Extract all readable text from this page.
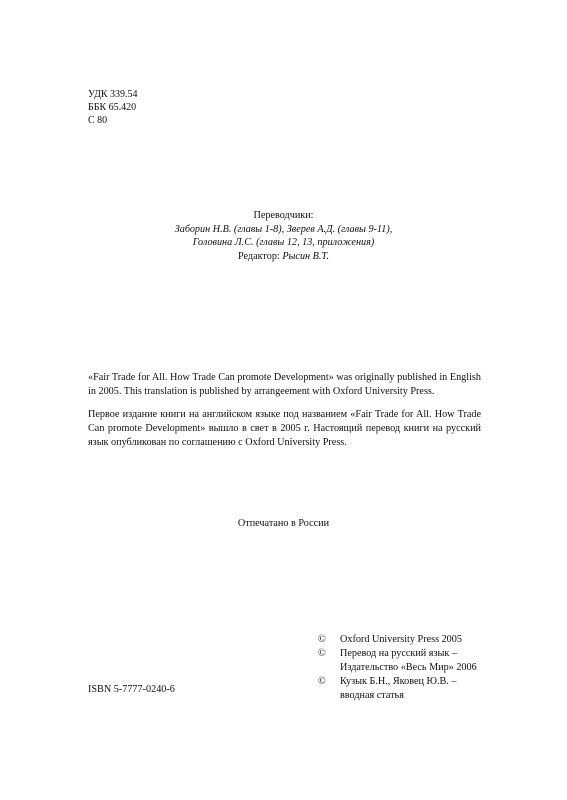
УДК 339.54
ББК 65.420
С 80
Переводчики:
Заборин Н.В. (главы 1-8), Зверев А.Д. (главы 9-11),
Головина Л.С. (главы 12, 13, приложения)
Редактор: Рысин В.Т.
«Fair Trade for All. How Trade Can promote Development» was originally published in English in 2005. This translation is published by arrangeement with Oxford University Press.
Первое издание книги на английском языке под названием «Fair Trade for All. How Trade Can promote Development» вышло в свет в 2005 г. Настоящий перевод книги на русский язык опубликован по соглашению с Oxford University Press.
Отпечатано в России
©	Oxford University Press 2005
©	Перевод на русский язык –
Издательство «Весь Мир» 2006
©	Кузык Б.Н., Яковец Ю.В. –
вводная статья
ISBN 5-7777-0240-6
